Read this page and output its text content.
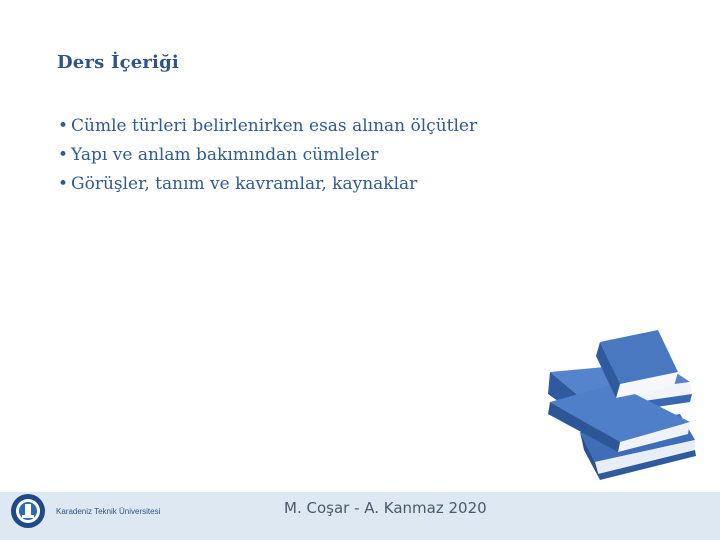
Ders İçeriği
• Cümle türleri belirlenirken esas alınan ölçütler
• Yapı ve anlam bakımından cümleler
• Görüşler, tanım ve kavramlar, kaynaklar
Karadeniz Teknik Üniversitesi	M. Coşar - A. Kanmaz 2020
